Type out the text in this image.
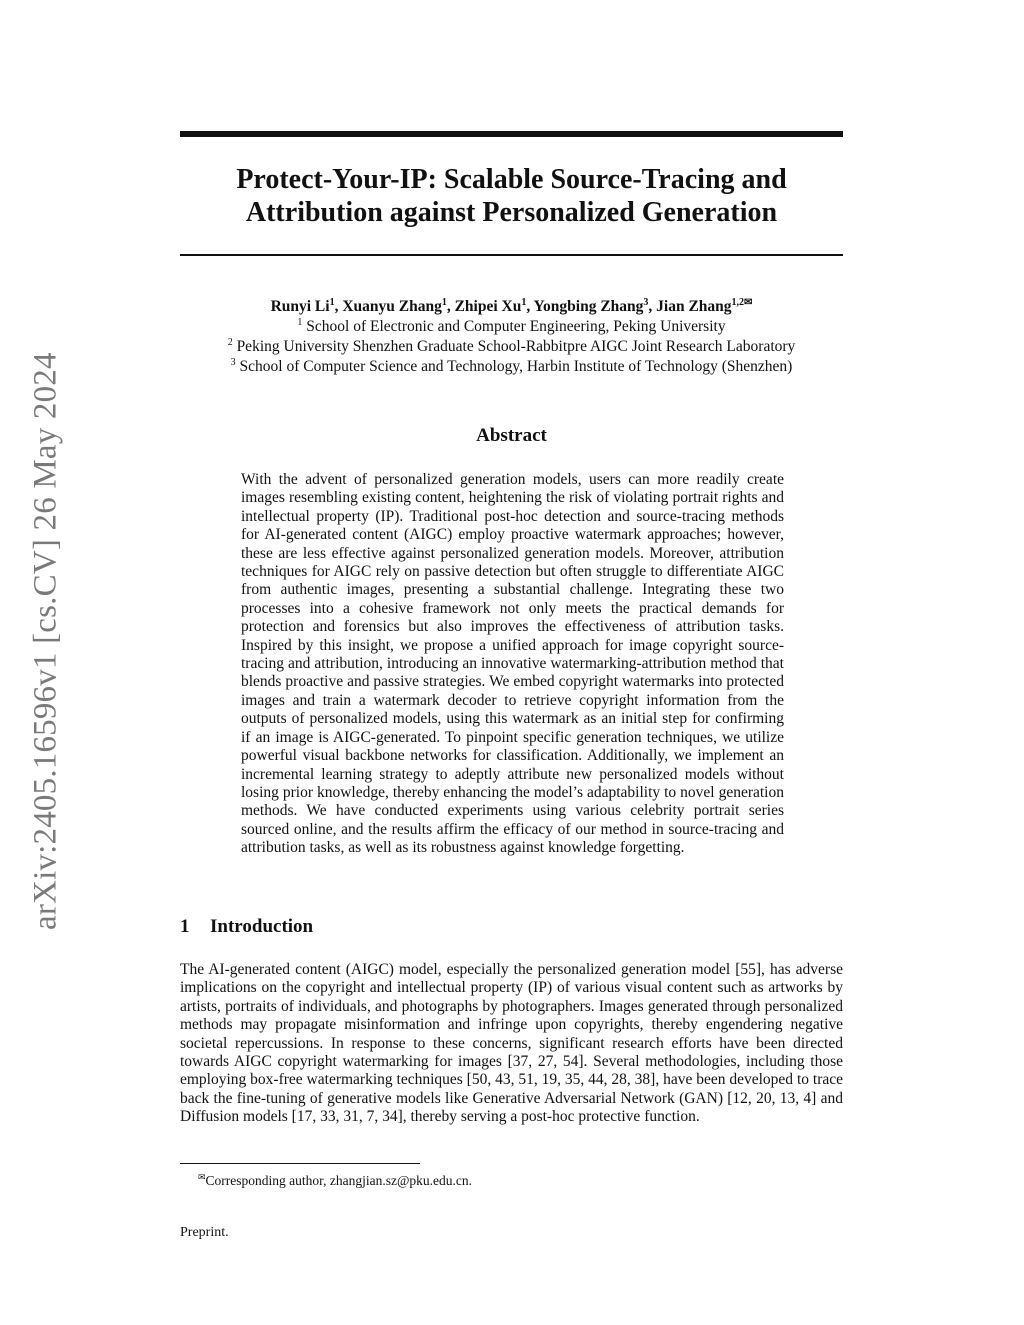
arXiv:2405.16596v1 [cs.CV] 26 May 2024
Protect-Your-IP: Scalable Source-Tracing and
Attribution against Personalized Generation
Runyi Li$^1$, Xuanyu Zhang$^1$, Zhipei Xu$^1$, Yongbing Zhang$^3$, Jian Zhang$^{1,2✉}$
$^1$ School of Electronic and Computer Engineering, Peking University
$^2$ Peking University Shenzhen Graduate School-Rabbitpre AIGC Joint Research Laboratory
$^3$ School of Computer Science and Technology, Harbin Institute of Technology (Shenzhen)
Abstract
With the advent of personalized generation models, users can more readily create images resembling existing content, heightening the risk of violating portrait rights and intellectual property (IP). Traditional post-hoc detection and source-tracing methods for AI-generated content (AIGC) employ proactive watermark approaches; however, these are less effective against personalized generation models. Moreover, attribution techniques for AIGC rely on passive detection but often struggle to differentiate AIGC from authentic images, presenting a substantial challenge. Integrating these two processes into a cohesive framework not only meets the practical demands for protection and forensics but also improves the effectiveness of attribution tasks. Inspired by this insight, we propose a unified approach for image copyright source-tracing and attribution, introducing an innovative watermarking-attribution method that blends proactive and passive strategies. We embed copyright watermarks into protected images and train a watermark decoder to retrieve copyright information from the outputs of personalized models, using this watermark as an initial step for confirming if an image is AIGC-generated. To pinpoint specific generation techniques, we utilize powerful visual backbone networks for classification. Additionally, we implement an incremental learning strategy to adeptly attribute new personalized models without losing prior knowledge, thereby enhancing the model’s adaptability to novel generation methods. We have conducted experiments using various celebrity portrait series sourced online, and the results affirm the efficacy of our method in source-tracing and attribution tasks, as well as its robustness against knowledge forgetting.
1 Introduction
The AI-generated content (AIGC) model, especially the personalized generation model [55], has adverse implications on the copyright and intellectual property (IP) of various visual content such as artworks by artists, portraits of individuals, and photographs by photographers. Images generated through personalized methods may propagate misinformation and infringe upon copyrights, thereby engendering negative societal repercussions. In response to these concerns, significant research efforts have been directed towards AIGC copyright watermarking for images [37, 27, 54]. Several methodologies, including those employing box-free watermarking techniques [50, 43, 51, 19, 35, 44, 28, 38], have been developed to trace back the fine-tuning of generative models like Generative Adversarial Network (GAN) [12, 20, 13, 4] and Diffusion models [17, 33, 31, 7, 34], thereby serving a post-hoc protective function.
✉Corresponding author, zhangjian.sz@pku.edu.cn.
Preprint.
